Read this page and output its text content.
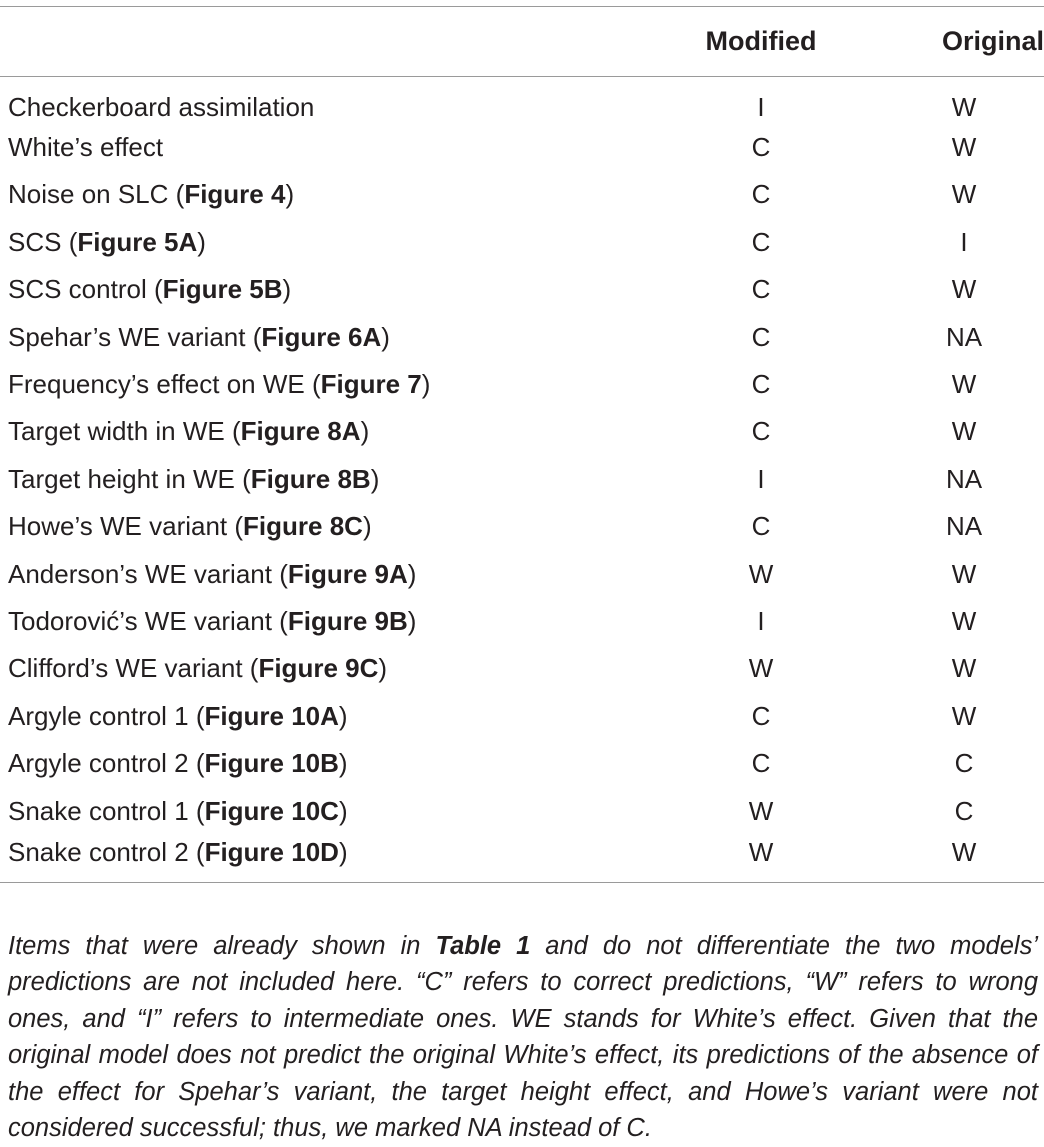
	Modified	Original
Checkerboard assimilation	I	W
White’s effect	C	W
Noise on SLC (Figure 4)	C	W
SCS (Figure 5A)	C	I
SCS control (Figure 5B)	C	W
Spehar’s WE variant (Figure 6A)	C	NA
Frequency’s effect on WE (Figure 7)	C	W
Target width in WE (Figure 8A)	C	W
Target height in WE (Figure 8B)	I	NA
Howe’s WE variant (Figure 8C)	C	NA
Anderson’s WE variant (Figure 9A)	W	W
Todorović’s WE variant (Figure 9B)	I	W
Clifford’s WE variant (Figure 9C)	W	W
Argyle control 1 (Figure 10A)	C	W
Argyle control 2 (Figure 10B)	C	C
Snake control 1 (Figure 10C)	W	C
Snake control 2 (Figure 10D)	W	W

Items that were already shown in Table 1 and do not differentiate the two models’ predictions are not included here. “C” refers to correct predictions, “W” refers to wrong ones, and “I” refers to intermediate ones. WE stands for White’s effect. Given that the original model does not predict the original White’s effect, its predictions of the absence of the effect for Spehar’s variant, the target height effect, and Howe’s variant were not considered successful; thus, we marked NA instead of C.
